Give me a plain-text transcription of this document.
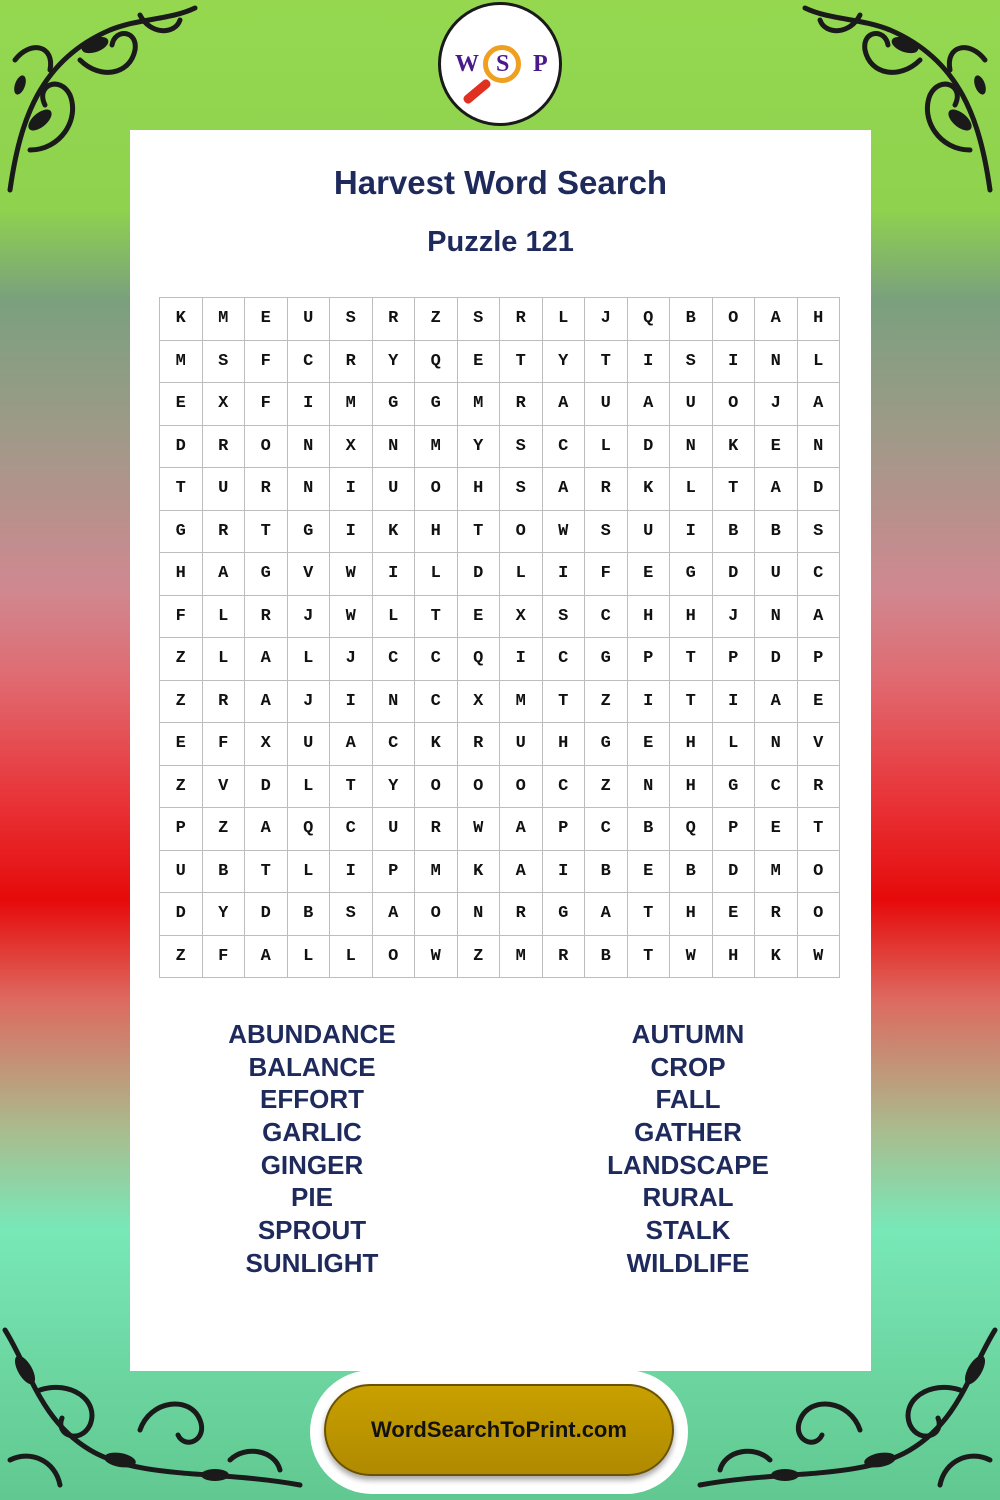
W S P
Harvest Word Search
Puzzle 121
K	M	E	U	S	R	Z	S	R	L	J	Q	B	O	A	H
M	S	F	C	R	Y	Q	E	T	Y	T	I	S	I	N	L
E	X	F	I	M	G	G	M	R	A	U	A	U	O	J	A
D	R	O	N	X	N	M	Y	S	C	L	D	N	K	E	N
T	U	R	N	I	U	O	H	S	A	R	K	L	T	A	D
G	R	T	G	I	K	H	T	O	W	S	U	I	B	B	S
H	A	G	V	W	I	L	D	L	I	F	E	G	D	U	C
F	L	R	J	W	L	T	E	X	S	C	H	H	J	N	A
Z	L	A	L	J	C	C	Q	I	C	G	P	T	P	D	P
Z	R	A	J	I	N	C	X	M	T	Z	I	T	I	A	E
E	F	X	U	A	C	K	R	U	H	G	E	H	L	N	V
Z	V	D	L	T	Y	O	O	O	C	Z	N	H	G	C	R
P	Z	A	Q	C	U	R	W	A	P	C	B	Q	P	E	T
U	B	T	L	I	P	M	K	A	I	B	E	B	D	M	O
D	Y	D	B	S	A	O	N	R	G	A	T	H	E	R	O
Z	F	A	L	L	O	W	Z	M	R	B	T	W	H	K	W
ABUNDANCE
BALANCE
EFFORT
GARLIC
GINGER
PIE
SPROUT
SUNLIGHT
AUTUMN
CROP
FALL
GATHER
LANDSCAPE
RURAL
STALK
WILDLIFE
WordSearchToPrint.com
